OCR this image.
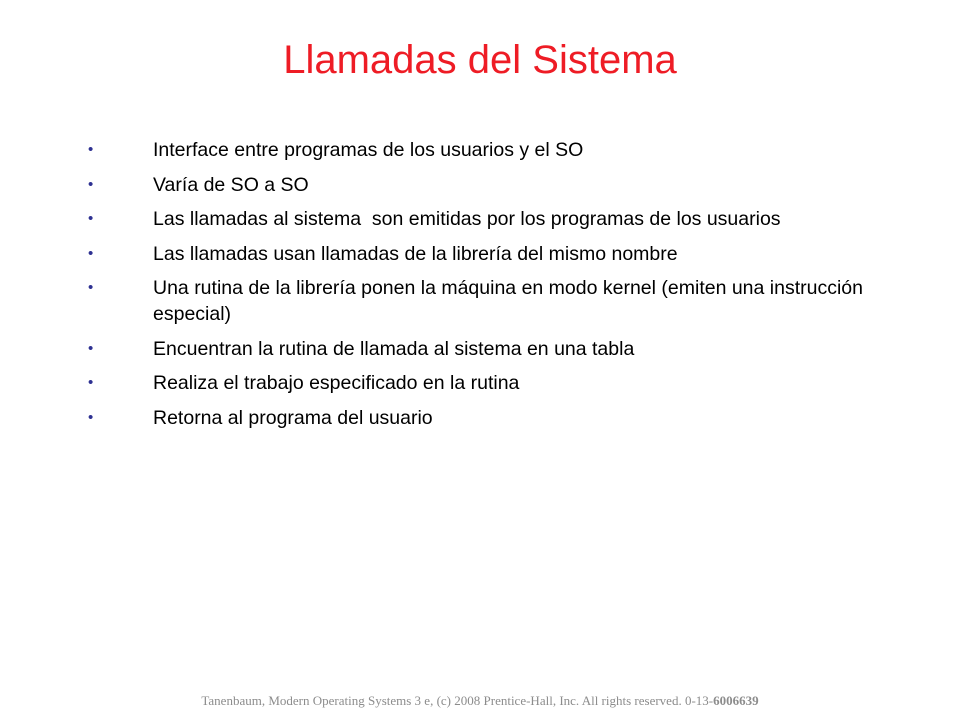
Llamadas del Sistema
•	Interface entre programas de los usuarios y el SO
•	Varía de SO a SO
•	Las llamadas al sistema  son emitidas por los programas de los usuarios
•	Las llamadas usan llamadas de la librería del mismo nombre
•	Una rutina de la librería ponen la máquina en modo kernel (emiten una instrucción especial)
•	Encuentran la rutina de llamada al sistema en una tabla
•	Realiza el trabajo especificado en la rutina
•	Retorna al programa del usuario
Tanenbaum, Modern Operating Systems 3 e, (c) 2008 Prentice-Hall, Inc. All rights reserved. 0-13-6006639
